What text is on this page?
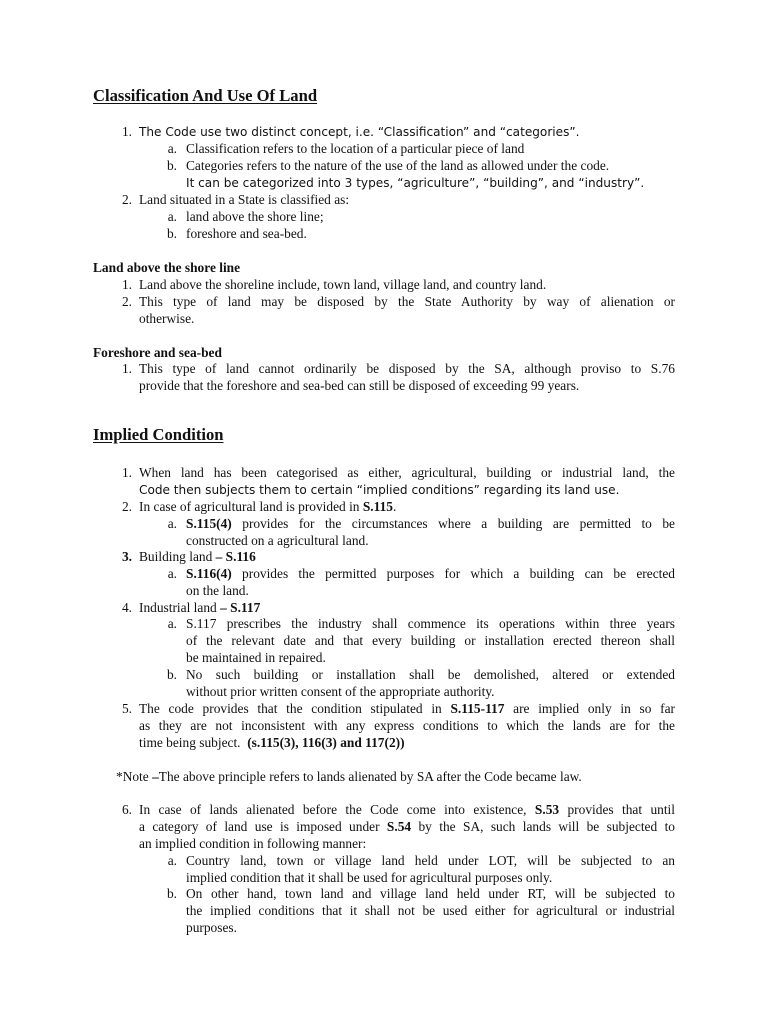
Classification And Use Of Land
1. The Code use two distinct concept, i.e. “Classification” and “categories”.
a. Classification refers to the location of a particular piece of land
b. Categories refers to the nature of the use of the land as allowed under the code.
It can be categorized into 3 types, “agriculture”, “building”, and “industry”.
2. Land situated in a State is classified as:
a. land above the shore line;
b. foreshore and sea-bed.
Land above the shore line
1. Land above the shoreline include, town land, village land, and country land.
2. This type of land may be disposed by the State Authority by way of alienation or
otherwise.
Foreshore and sea-bed
1. This type of land cannot ordinarily be disposed by the SA, although proviso to S.76
provide that the foreshore and sea-bed can still be disposed of exceeding 99 years.
Implied Condition
1. When land has been categorised as either, agricultural, building or industrial land, the
Code then subjects them to certain “implied conditions” regarding its land use.
2. In case of agricultural land is provided in S.115.
a. S.115(4) provides for the circumstances where a building are permitted to be
constructed on a agricultural land.
3. Building land – S.116
a. S.116(4) provides the permitted purposes for which a building can be erected
on the land.
4. Industrial land – S.117
a. S.117 prescribes the industry shall commence its operations within three years
of the relevant date and that every building or installation erected thereon shall
be maintained in repaired.
b. No such building or installation shall be demolished, altered or extended
without prior written consent of the appropriate authority.
5. The code provides that the condition stipulated in S.115-117 are implied only in so far
as they are not inconsistent with any express conditions to which the lands are for the
time being subject.  (s.115(3), 116(3) and 117(2))
*Note –The above principle refers to lands alienated by SA after the Code became law.
6. In case of lands alienated before the Code come into existence, S.53 provides that until
a category of land use is imposed under S.54 by the SA, such lands will be subjected to
an implied condition in following manner:
a. Country land, town or village land held under LOT, will be subjected to an
implied condition that it shall be used for agricultural purposes only.
b. On other hand, town land and village land held under RT, will be subjected to
the implied conditions that it shall not be used either for agricultural or industrial
purposes.
